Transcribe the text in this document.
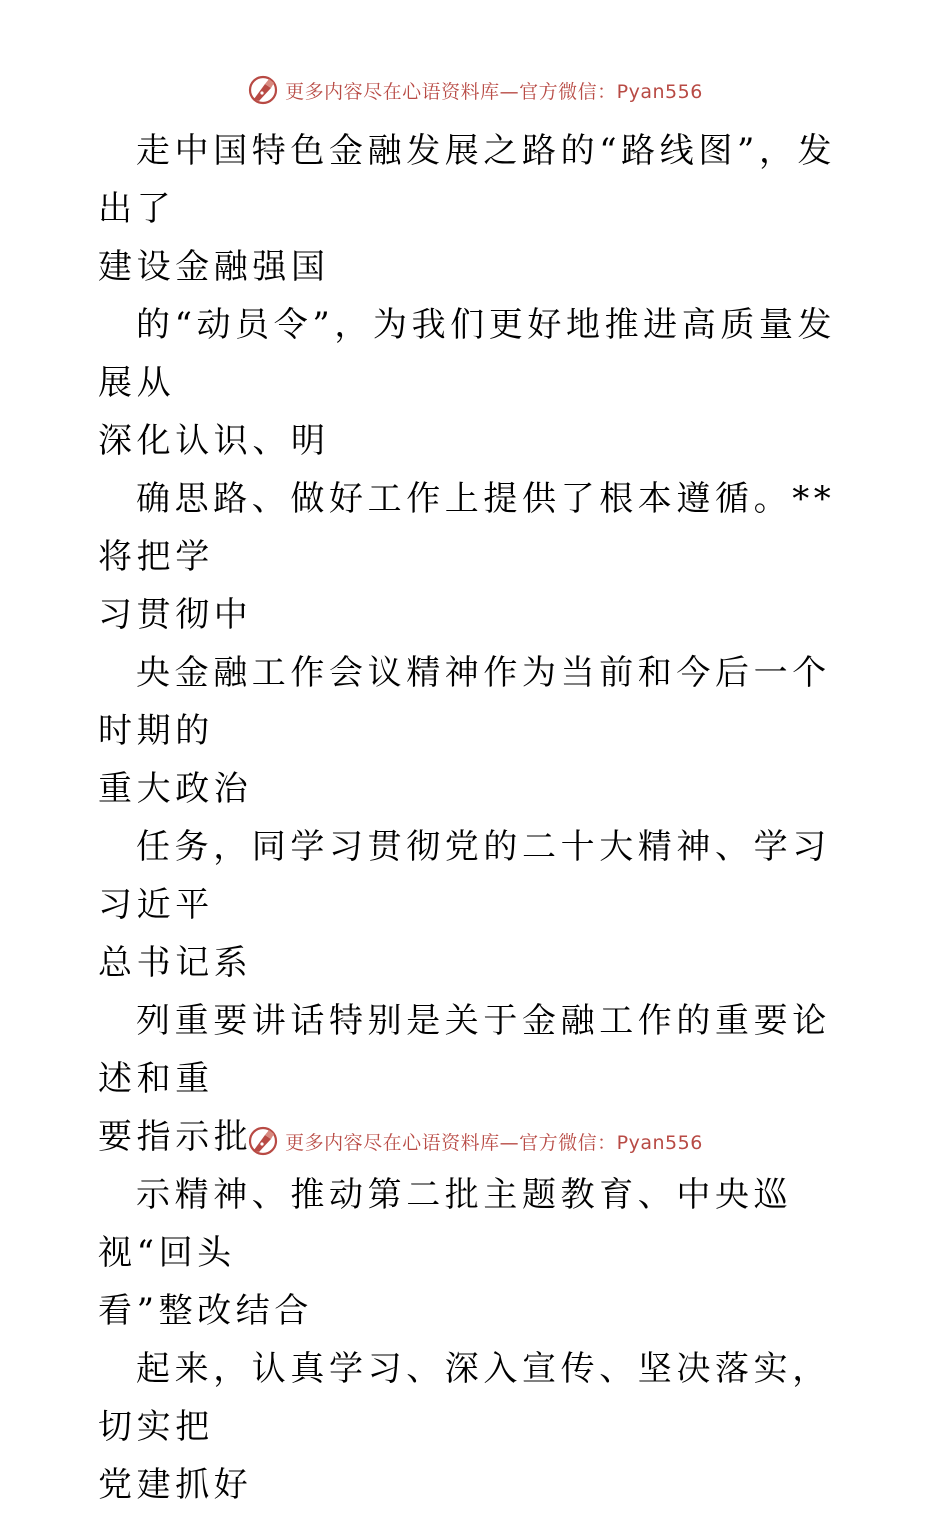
更多内容尽在心语资料库—官方微信：Pyan556

走中国特色金融发展之路的“路线图”，发出了
建设金融强国

的“动员令”，为我们更好地推进高质量发展从
深化认识、明

确思路、做好工作上提供了根本遵循。**将把学
习贯彻中

央金融工作会议精神作为当前和今后一个时期的
重大政治

任务，同学习贯彻党的二十大精神、学习习近平
总书记系

列重要讲话特别是关于金融工作的重要论述和重
要指示批

示精神、推动第二批主题教育、中央巡视“回头
看”整改结合

起来，认真学习、深入宣传、坚决落实，切实把
党建抓好

更多内容尽在心语资料库—官方微信：Pyan556
